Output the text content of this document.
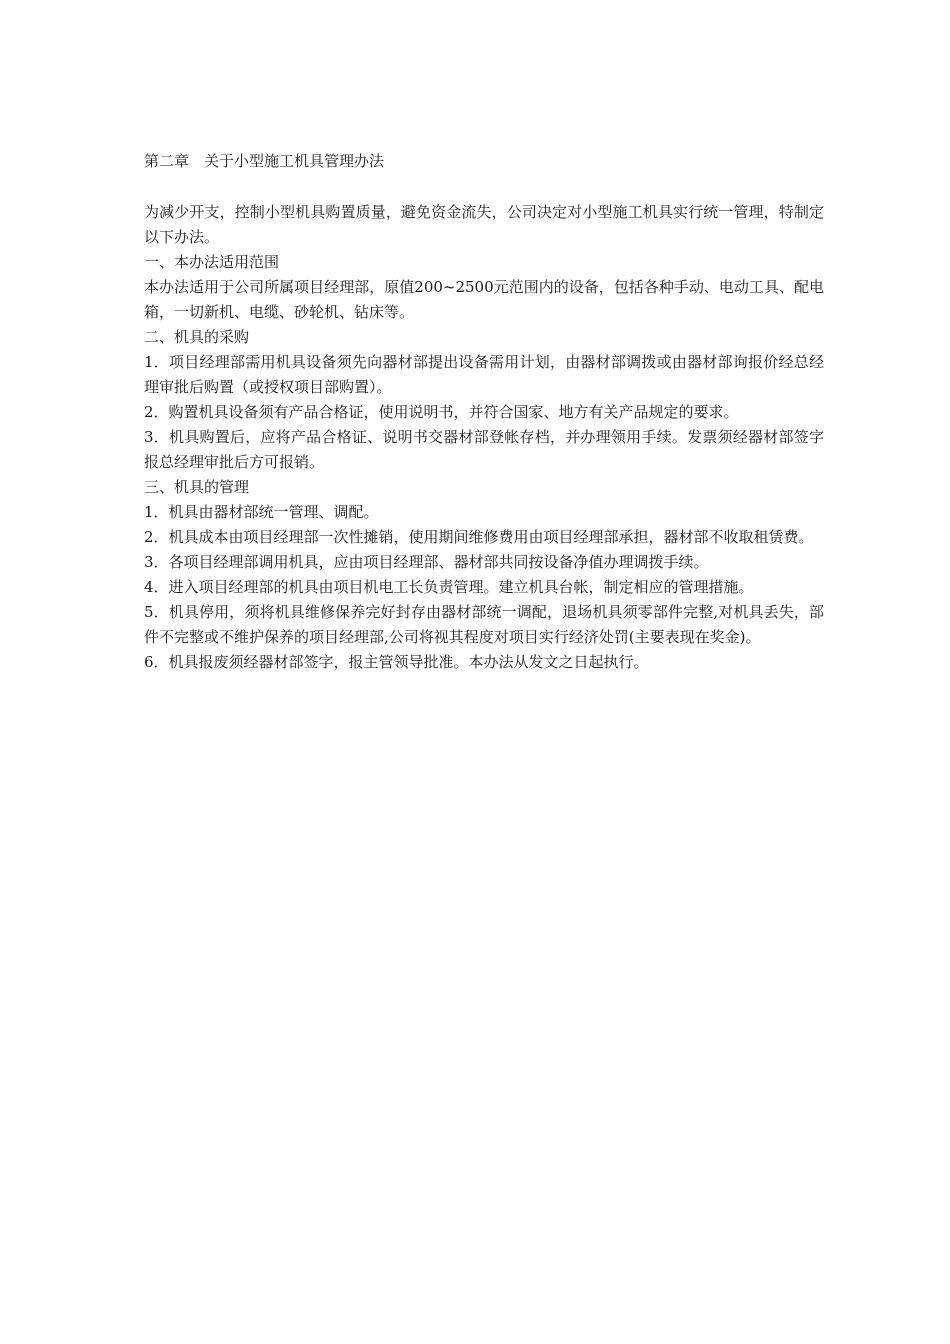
第二章　关于小型施工机具管理办法

为减少开支，控制小型机具购置质量，避免资金流失，公司决定对小型施工机具实行统一管理，特制定以下办法。

一、本办法适用范围

本办法适用于公司所属项目经理部，原值200~2500元范围内的设备，包括各种手动、电动工具、配电箱，一切新机、电缆、砂轮机、钻床等。

二、机具的采购

1．项目经理部需用机具设备须先向器材部提出设备需用计划，由器材部调拨或由器材部询报价经总经理审批后购置（或授权项目部购置）。

2．购置机具设备须有产品合格证，使用说明书，并符合国家、地方有关产品规定的要求。

3．机具购置后，应将产品合格证、说明书交器材部登帐存档，并办理领用手续。发票须经器材部签字报总经理审批后方可报销。

三、机具的管理

1．机具由器材部统一管理、调配。

2．机具成本由项目经理部一次性摊销，使用期间维修费用由项目经理部承担，器材部不收取租赁费。

3．各项目经理部调用机具，应由项目经理部、器材部共同按设备净值办理调拨手续。

4．进入项目经理部的机具由项目机电工长负责管理。建立机具台帐，制定相应的管理措施。

5．机具停用，须将机具维修保养完好封存由器材部统一调配，退场机具须零部件完整,对机具丢失，部件不完整或不维护保养的项目经理部,公司将视其程度对项目实行经济处罚(主要表现在奖金)。

6．机具报废须经器材部签字，报主管领导批准。本办法从发文之日起执行。
